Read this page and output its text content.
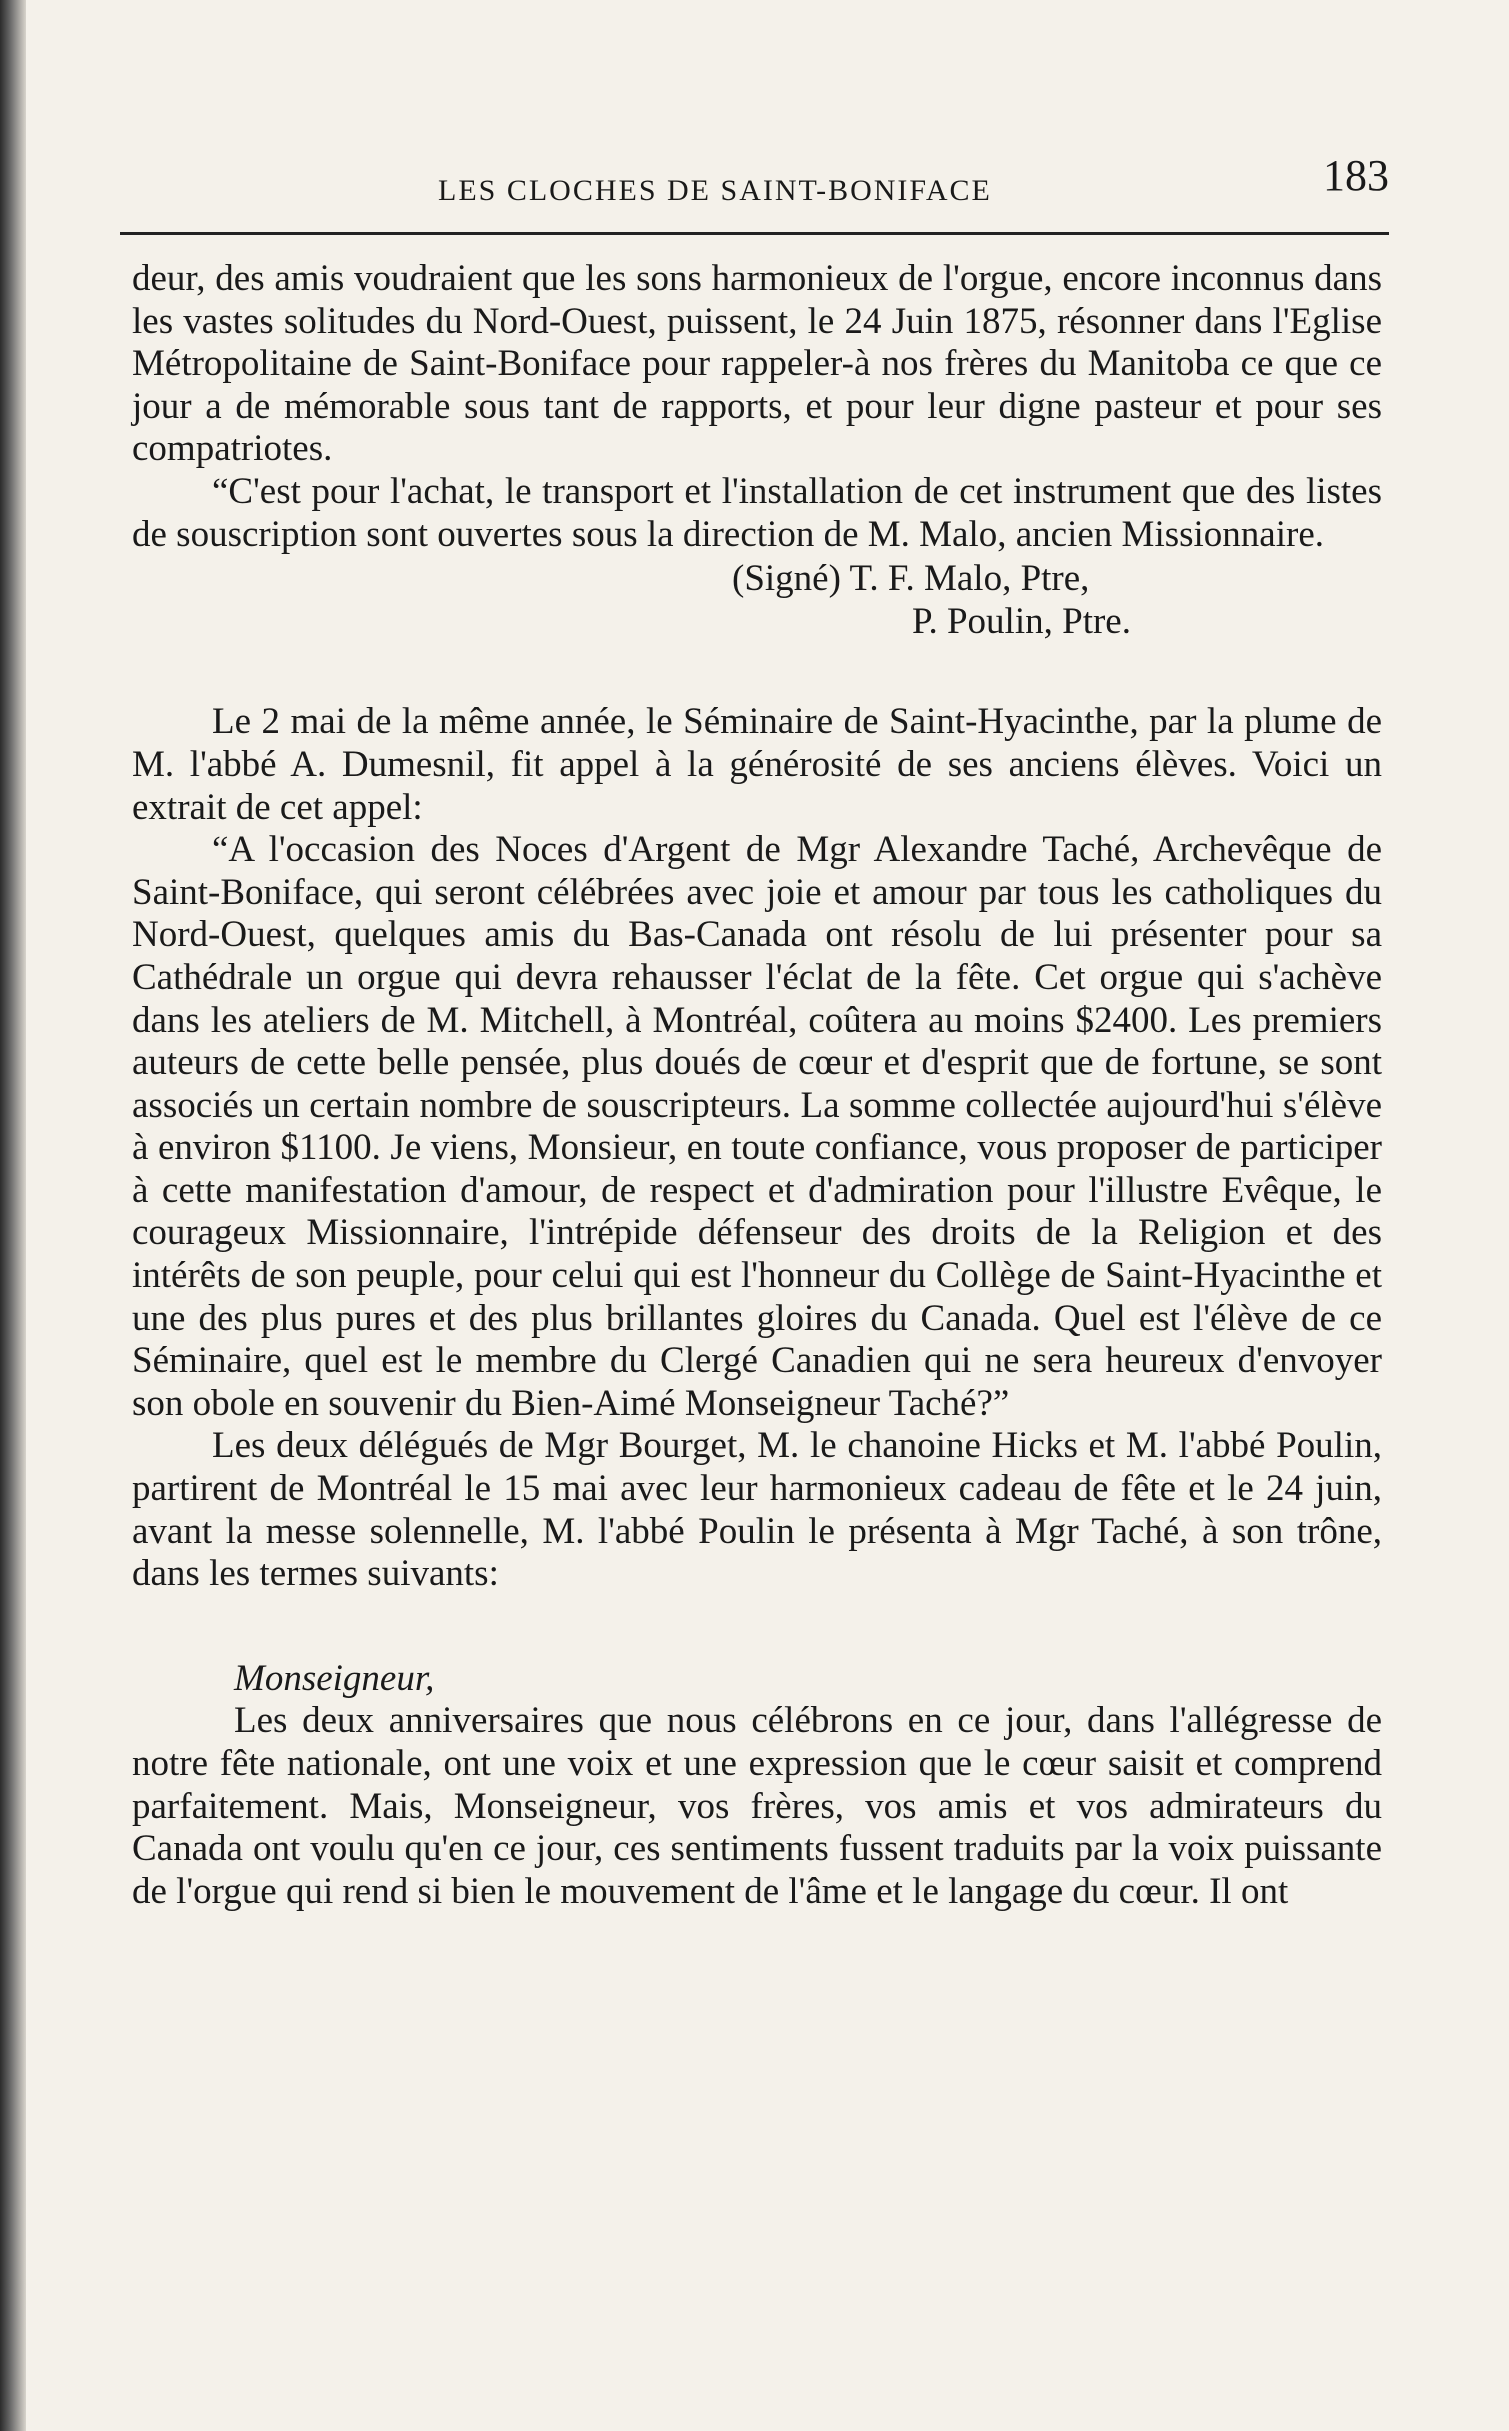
LES CLOCHES DE SAINT-BONIFACE	183

deur, des amis voudraient que les sons harmonieux de l'orgue, encore inconnus dans les vastes solitudes du Nord-Ouest, puissent, le 24 Juin 1875, résonner dans l'Eglise Métropolitaine de Saint-Boniface pour rappeler-à nos frères du Manitoba ce que ce jour a de mémorable sous tant de rapports, et pour leur digne pasteur et pour ses compatriotes.

“C'est pour l'achat, le transport et l'installation de cet instrument que des listes de souscription sont ouvertes sous la direction de M. Malo, ancien Missionnaire.

(Signé) T. F. Malo, Ptre,
P. Poulin, Ptre.

Le 2 mai de la même année, le Séminaire de Saint-Hyacinthe, par la plume de M. l'abbé A. Dumesnil, fit appel à la générosité de ses anciens élèves. Voici un extrait de cet appel:

“A l'occasion des Noces d'Argent de Mgr Alexandre Taché, Archevêque de Saint-Boniface, qui seront célébrées avec joie et amour par tous les catholiques du Nord-Ouest, quelques amis du Bas-Canada ont résolu de lui présenter pour sa Cathédrale un orgue qui devra rehausser l'éclat de la fête. Cet orgue qui s'achève dans les ateliers de M. Mitchell, à Montréal, coûtera au moins $2400. Les premiers auteurs de cette belle pensée, plus doués de cœur et d'esprit que de fortune, se sont associés un certain nombre de souscripteurs. La somme collectée aujourd'hui s'élève à environ $1100. Je viens, Monsieur, en toute confiance, vous proposer de participer à cette manifestation d'amour, de respect et d'admiration pour l'illustre Evêque, le courageux Missionnaire, l'intrépide défenseur des droits de la Religion et des intérêts de son peuple, pour celui qui est l'honneur du Collège de Saint-Hyacinthe et une des plus pures et des plus brillantes gloires du Canada. Quel est l'élève de ce Séminaire, quel est le membre du Clergé Canadien qui ne sera heureux d'envoyer son obole en souvenir du Bien-Aimé Monseigneur Taché?”

Les deux délégués de Mgr Bourget, M. le chanoine Hicks et M. l'abbé Poulin, partirent de Montréal le 15 mai avec leur harmonieux cadeau de fête et le 24 juin, avant la messe solennelle, M. l'abbé Poulin le présenta à Mgr Taché, à son trône, dans les termes suivants:

Monseigneur,

Les deux anniversaires que nous célébrons en ce jour, dans l'allégresse de notre fête nationale, ont une voix et une expression que le cœur saisit et comprend parfaitement. Mais, Monseigneur, vos frères, vos amis et vos admirateurs du Canada ont voulu qu'en ce jour, ces sentiments fussent traduits par la voix puissante de l'orgue qui rend si bien le mouvement de l'âme et le langage du cœur. Il ont
